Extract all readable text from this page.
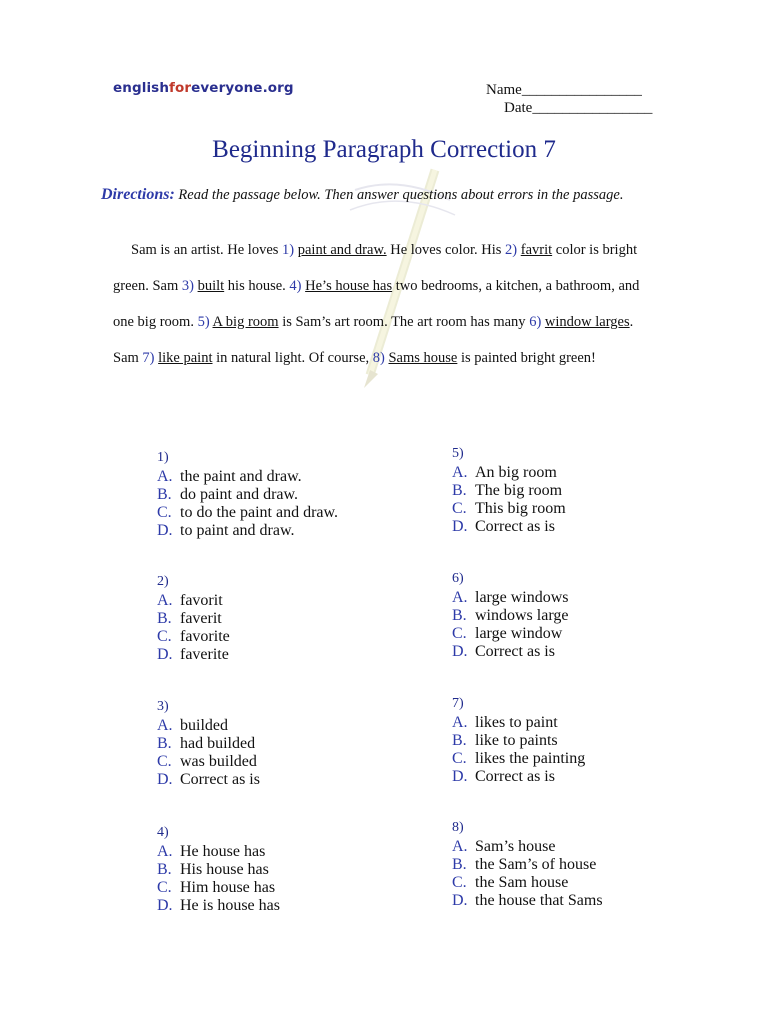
englishforeveryone.org	Name________________
Date________________
Beginning Paragraph Correction 7
Directions: Read the passage below. Then answer questions about errors in the passage.
Sam is an artist. He loves 1) paint and draw. He loves color. His 2) favrit color is bright green. Sam 3) built his house. 4) He’s house has two bedrooms, a kitchen, a bathroom, and one big room. 5) A big room is Sam’s art room. The art room has many 6) window larges. Sam 7) like paint in natural light. Of course, 8) Sams house is painted bright green!
1)
A. the paint and draw.
B. do paint and draw.
C. to do the paint and draw.
D. to paint and draw.
2)
A. favorit
B. faverit
C. favorite
D. faverite
3)
A. builded
B. had builded
C. was builded
D. Correct as is
4)
A. He house has
B. His house has
C. Him house has
D. He is house has
5)
A. An big room
B. The big room
C. This big room
D. Correct as is
6)
A. large windows
B. windows large
C. large window
D. Correct as is
7)
A. likes to paint
B. like to paints
C. likes the painting
D. Correct as is
8)
A. Sam’s house
B. the Sam’s of house
C. the Sam house
D. the house that Sams
